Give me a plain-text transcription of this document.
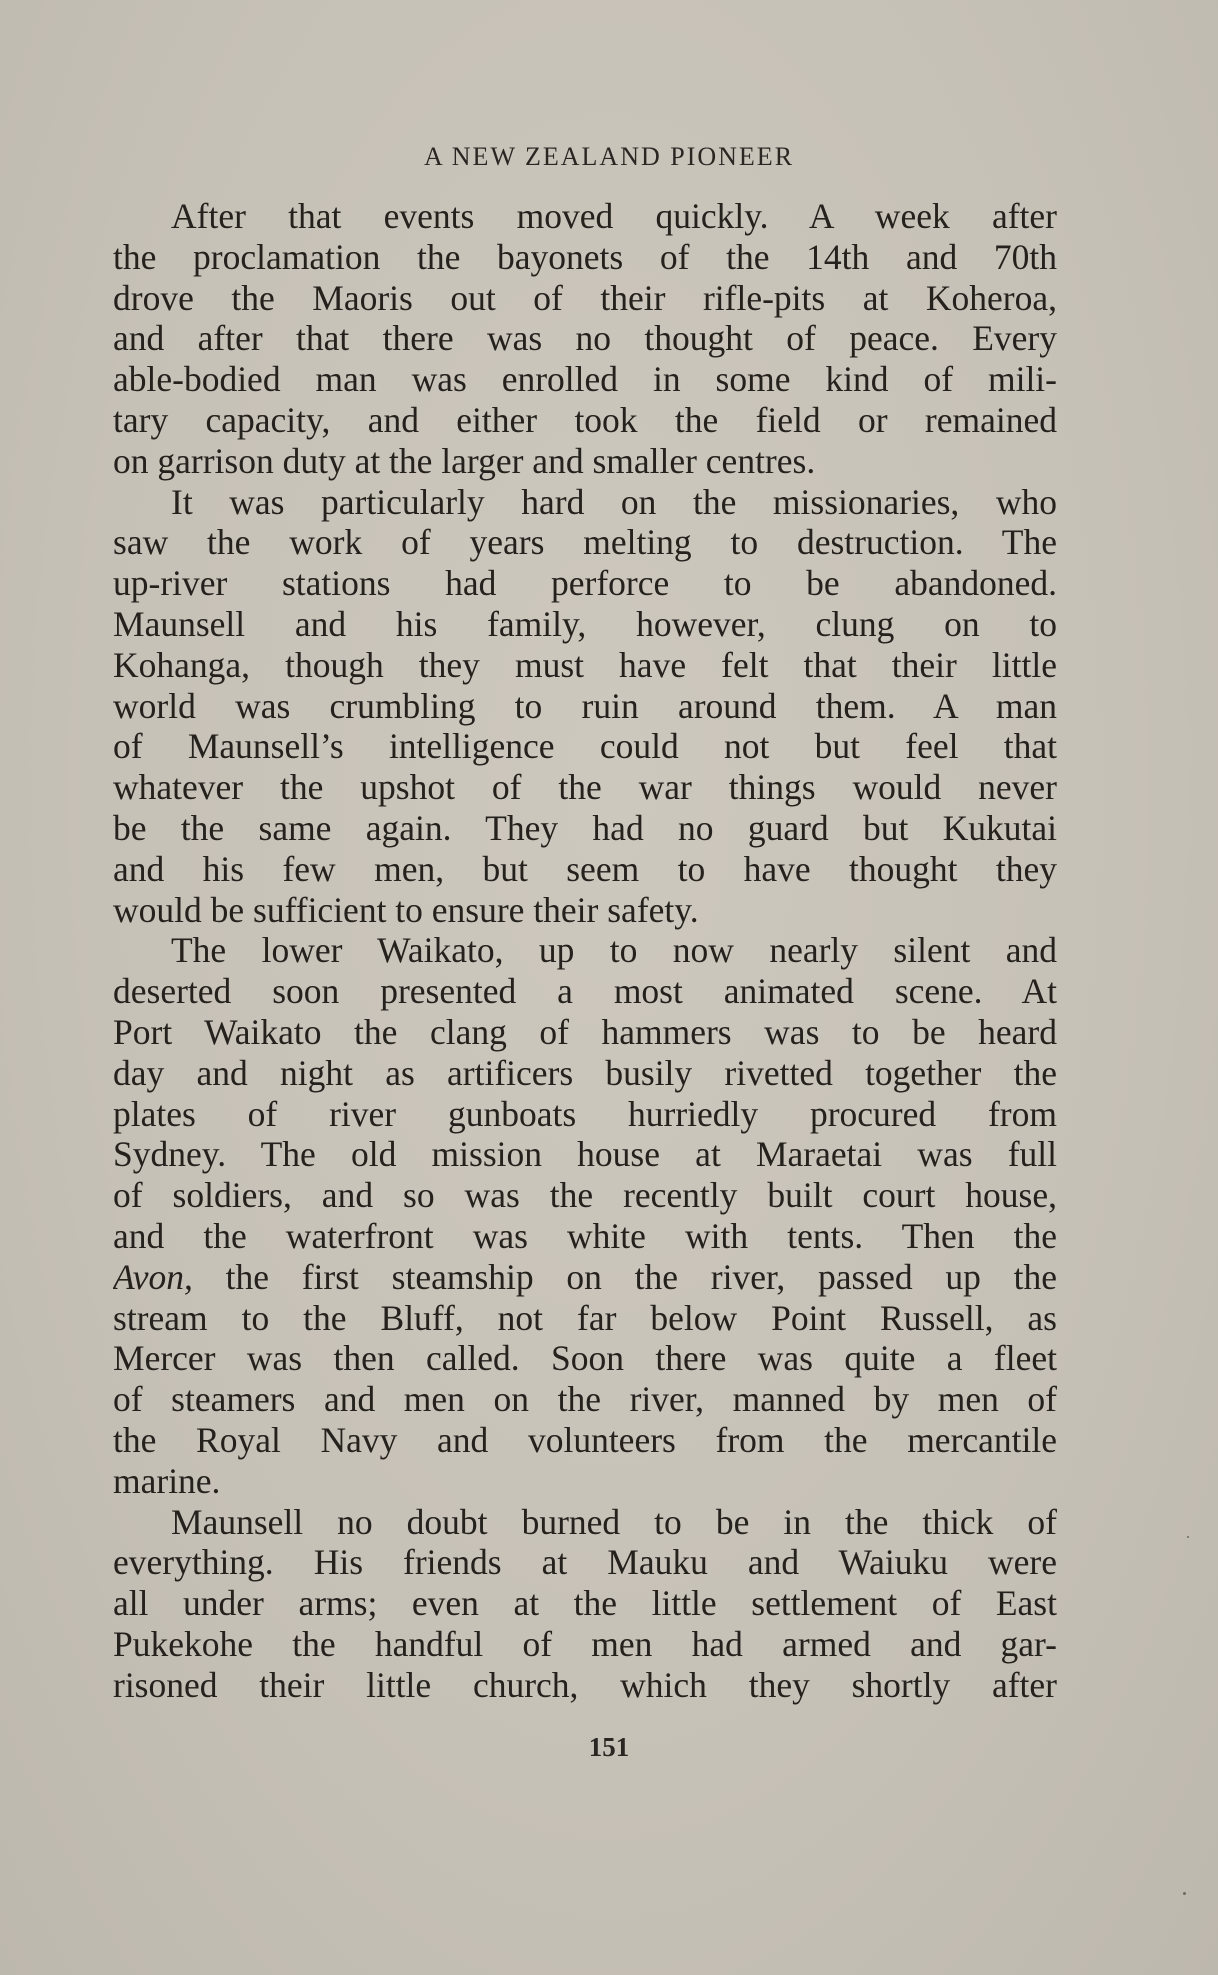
A NEW ZEALAND PIONEER
After that events moved quickly. A week after
the proclamation the bayonets of the 14th and 70th
drove the Maoris out of their rifle-pits at Koheroa,
and after that there was no thought of peace. Every
able-bodied man was enrolled in some kind of mili-
tary capacity, and either took the field or remained
on garrison duty at the larger and smaller centres.
It was particularly hard on the missionaries, who
saw the work of years melting to destruction. The
up-river stations had perforce to be abandoned.
Maunsell and his family, however, clung on to
Kohanga, though they must have felt that their little
world was crumbling to ruin around them. A man
of Maunsell’s intelligence could not but feel that
whatever the upshot of the war things would never
be the same again. They had no guard but Kukutai
and his few men, but seem to have thought they
would be sufficient to ensure their safety.
The lower Waikato, up to now nearly silent and
deserted soon presented a most animated scene. At
Port Waikato the clang of hammers was to be heard
day and night as artificers busily rivetted together the
plates of river gunboats hurriedly procured from
Sydney. The old mission house at Maraetai was full
of soldiers, and so was the recently built court house,
and the waterfront was white with tents. Then the
Avon, the first steamship on the river, passed up the
stream to the Bluff, not far below Point Russell, as
Mercer was then called. Soon there was quite a fleet
of steamers and men on the river, manned by men of
the Royal Navy and volunteers from the mercantile
marine.
Maunsell no doubt burned to be in the thick of
everything. His friends at Mauku and Waiuku were
all under arms; even at the little settlement of East
Pukekohe the handful of men had armed and gar-
risoned their little church, which they shortly after
151
